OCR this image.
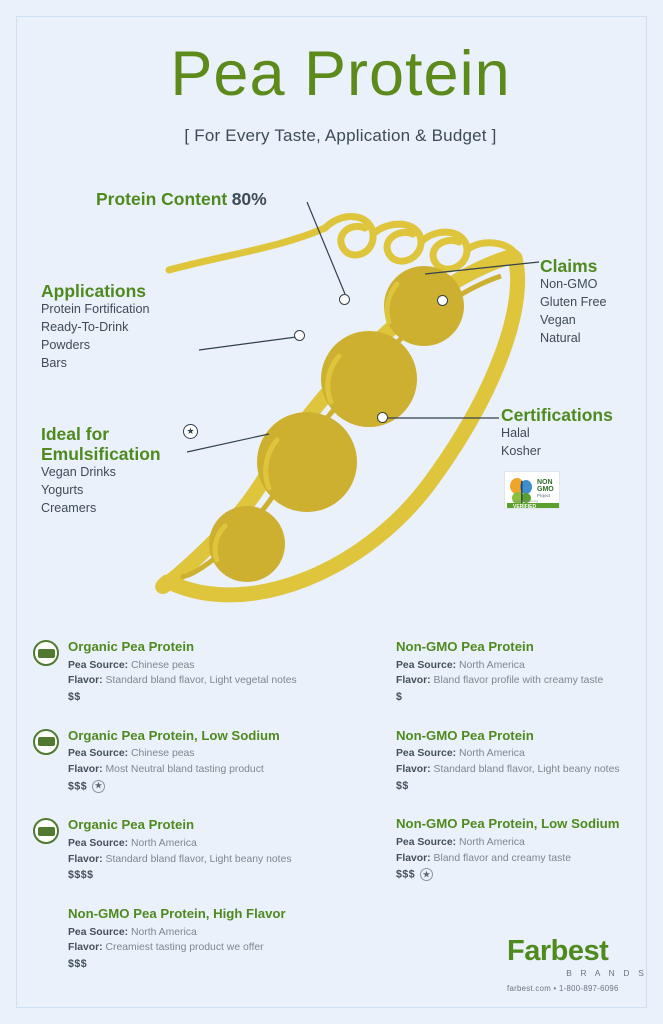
Pea Protein
[ For Every Taste, Application & Budget ]
★
Protein Content 80%
Applications
Protein Fortification
Ready-To-Drink
Powders
Bars
Claims
Non-GMO
Gluten Free
Vegan
Natural
Certifications
Halal
Kosher
NON
GMO
Project
VERIFIED
nongmoproject.org
Ideal for
Emulsification
Vegan Drinks
Yogurts
Creamers
Organic Pea Protein
Pea Source: Chinese peas
Flavor: Standard bland flavor, Light vegetal notes
$$
Organic Pea Protein, Low Sodium
Pea Source: Chinese peas
Flavor: Most Neutral bland tasting product
$$$ ★
Organic Pea Protein
Pea Source: North America
Flavor: Standard bland flavor, Light beany notes
$$$$
Non-GMO Pea Protein, High Flavor
Pea Source: North America
Flavor: Creamiest tasting product we offer
$$$
Non-GMO Pea Protein
Pea Source: North America
Flavor: Bland flavor profile with creamy taste
$
Non-GMO Pea Protein
Pea Source: North America
Flavor: Standard bland flavor, Light beany notes
$$
Non-GMO Pea Protein, Low Sodium
Pea Source: North America
Flavor: Bland flavor and creamy taste
$$$ ★
Farbest
B R A N D S
farbest.com • 1-800-897-6096
